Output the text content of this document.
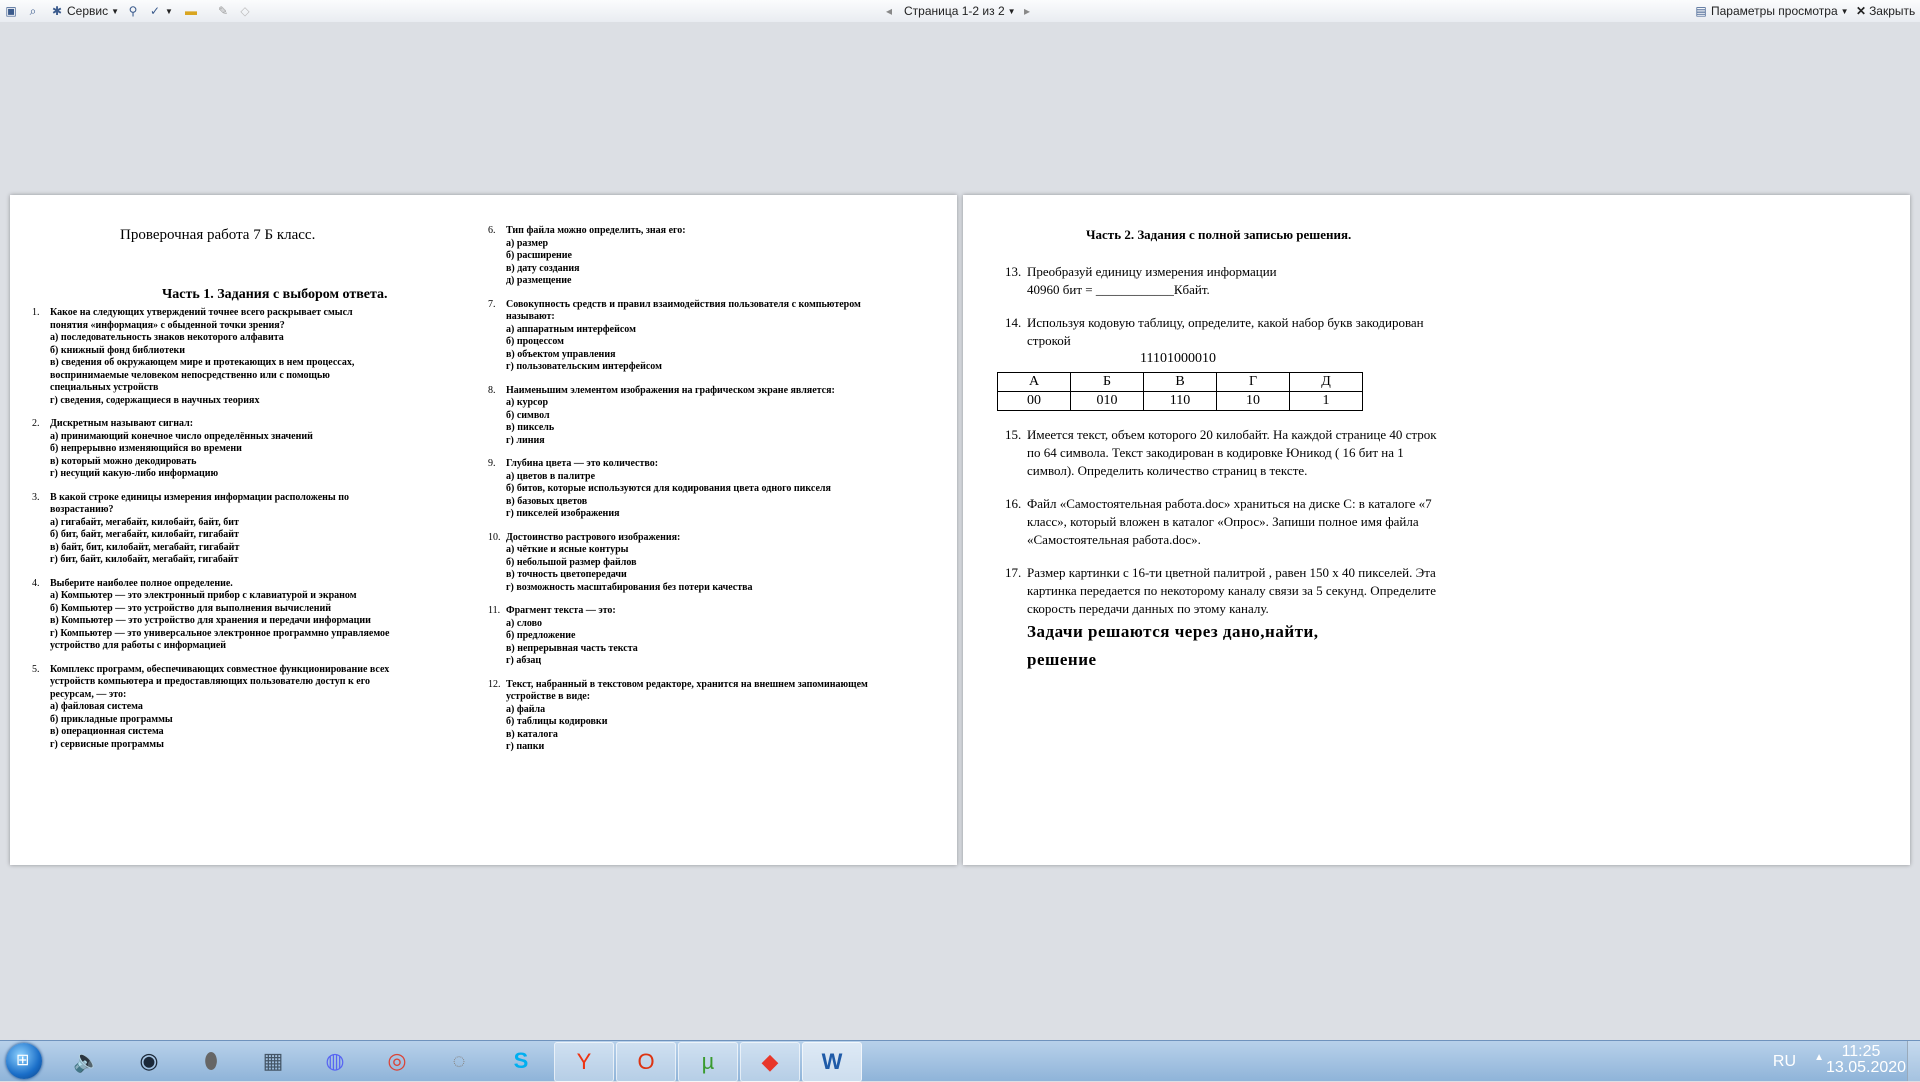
▣	⌕	✱ Сервис ▼ ⚲ ✓ ▼ ▬ ✎ ◇	◂ Страница 1-2 из 2 ▼ ▸	▤ Параметры просмотра ▼ ✕ Закрыть
Проверочная работа 7 Б класс.
Часть 1. Задания с выбором ответа.
1. Какое на следующих утверждений точнее всего раскрывает смысл понятия «информация» с обыденной точки зрения?
а) последовательность знаков некоторого алфавита
б) книжный фонд библиотеки
в) сведения об окружающем мире и протекающих в нем процессах, воспринимаемые человеком непосредственно или с помощью специальных устройств
г) сведения, содержащиеся в научных теориях
2. Дискретным называют сигнал:
а) принимающий конечное число определённых значений
б) непрерывно изменяющийся во времени
в) который можно декодировать
г) несущий какую-либо информацию
3. В какой строке единицы измерения информации расположены по возрастанию?
а) гигабайт, мегабайт, килобайт, байт, бит
б) бит, байт, мегабайт, килобайт, гигабайт
в) байт, бит, килобайт, мегабайт, гигабайт
г) бит, байт, килобайт, мегабайт, гигабайт
4. Выберите наиболее полное определение.
а) Компьютер — это электронный прибор с клавиатурой и экраном
б) Компьютер — это устройство для выполнения вычислений
в) Компьютер — это устройство для хранения и передачи информации
г) Компьютер — это универсальное электронное программно управляемое устройство для работы с информацией
5. Комплекс программ, обеспечивающих совместное функционирование всех устройств компьютера и предоставляющих пользователю доступ к его ресурсам, — это:
а) файловая система
б) прикладные программы
в) операционная система
г) сервисные программы
6. Тип файла можно определить, зная его:
а) размер
б) расширение
в) дату создания
д) размещение
7. Совокупность средств и правил взаимодействия пользователя с компьютером называют:
а) аппаратным интерфейсом
б) процессом
в) объектом управления
г) пользовательским интерфейсом
8. Наименьшим элементом изображения на графическом экране является:
а) курсор
б) символ
в) пиксель
г) линия
9. Глубина цвета — это количество:
а) цветов в палитре
б) битов, которые используются для кодирования цвета одного пикселя
в) базовых цветов
г) пикселей изображения
10. Достоинство растрового изображения:
а) чёткие и ясные контуры
б) небольшой размер файлов
в) точность цветопередачи
г) возможность масштабирования без потери качества
11. Фрагмент текста — это:
а) слово
б) предложение
в) непрерывная часть текста
г) абзац
12. Текст, набранный в текстовом редакторе, хранится на внешнем запоминающем устройстве в виде:
а) файла
б) таблицы кодировки
в) каталога
г) папки
Часть 2. Задания с полной записью решения.
13. Преобразуй единицу измерения информации
40960 бит = ____________Кбайт.
14. Используя кодовую таблицу, определите, какой набор букв закодирован строкой
11101000010
А	Б	В	Г	Д
00	010	110	10	1
15. Имеется текст, объем которого 20 килобайт. На каждой странице 40 строк по 64 символа. Текст закодирован в кодировке Юникод ( 16 бит на 1 символ). Определить количество страниц в тексте.
16. Файл «Самостоятельная работа.doc» храниться на диске С: в каталоге «7 класс», который вложен в каталог «Опрос». Запиши полное имя файла «Самостоятельная работа.doc».
17. Размер картинки с 16-ти цветной палитрой , равен 150 х 40 пикселей. Эта картинка передается по некоторому каналу связи за 5 секунд. Определите скорость передачи данных по этому каналу.
Задачи решаются через дано,найти, решение
⊞ 🔈 ◉ ⬮ ▦ ◍ ◎ ◌ S Y O µ ◆ W	RU ▲	11:25
13.05.2020
